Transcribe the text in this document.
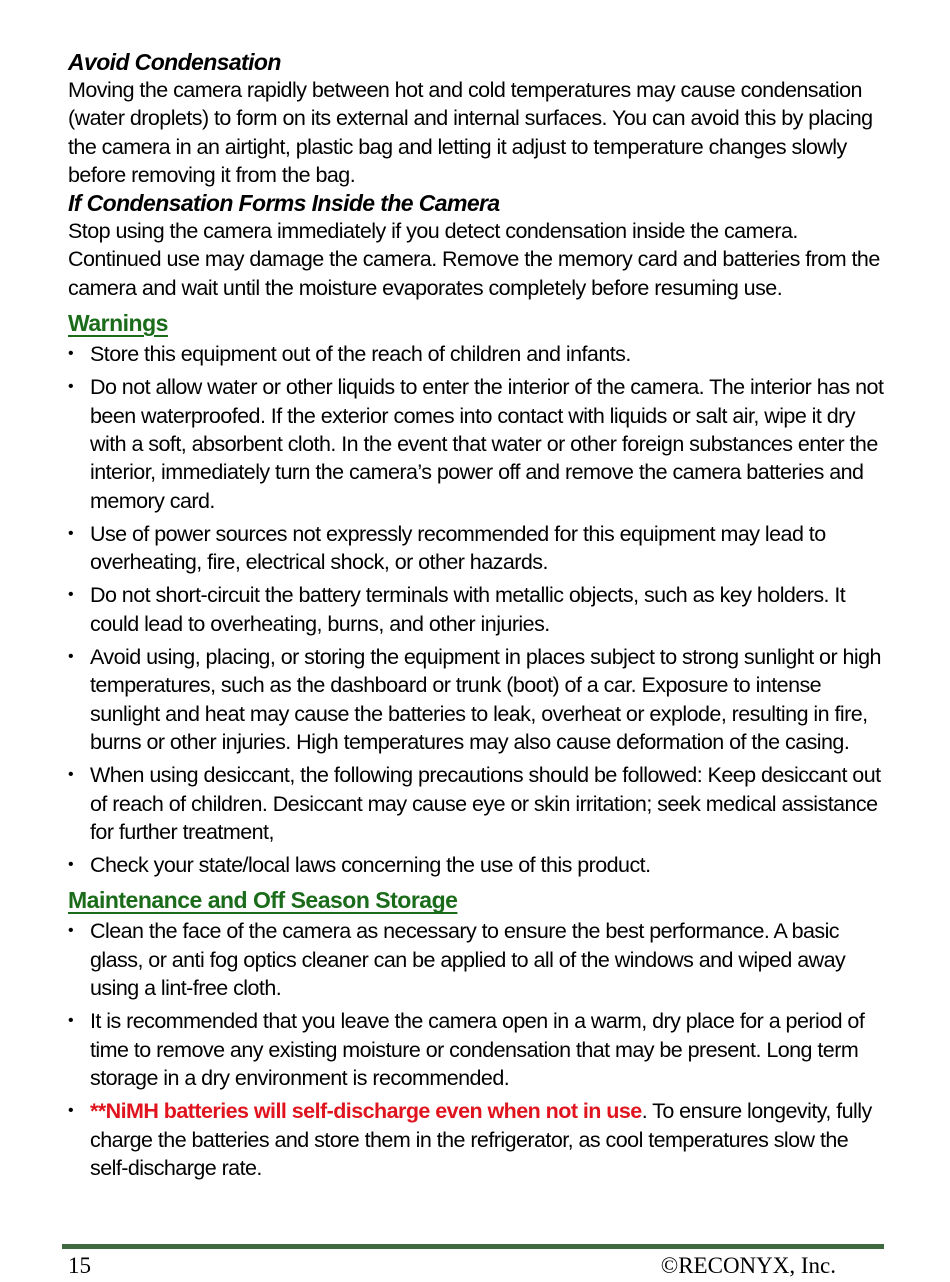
Avoid Condensation

Moving the camera rapidly between hot and cold temperatures may cause condensation (water droplets) to form on its external and internal surfaces. You can avoid this by placing the camera in an airtight, plastic bag and letting it adjust to temperature changes slowly before removing it from the bag.

If Condensation Forms Inside the Camera

Stop using the camera immediately if you detect condensation inside the camera. Continued use may damage the camera. Remove the memory card and batteries from the camera and wait until the moisture evaporates completely before resuming use.

Warnings
• Store this equipment out of the reach of children and infants.
• Do not allow water or other liquids to enter the interior of the camera. The interior has not been waterproofed. If the exterior comes into contact with liquids or salt air, wipe it dry with a soft, absorbent cloth. In the event that water or other foreign substances enter the interior, immediately turn the camera’s power off and remove the camera batteries and memory card.
• Use of power sources not expressly recommended for this equipment may lead to overheating, fire, electrical shock, or other hazards.
• Do not short-circuit the battery terminals with metallic objects, such as key holders. It could lead to overheating, burns, and other injuries.
• Avoid using, placing, or storing the equipment in places subject to strong sunlight or high temperatures, such as the dashboard or trunk (boot) of a car. Exposure to intense sunlight and heat may cause the batteries to leak, overheat or explode, resulting in fire, burns or other injuries. High temperatures may also cause deformation of the casing.
• When using desiccant, the following precautions should be followed: Keep desiccant out of reach of children. Desiccant may cause eye or skin irritation; seek medical assistance for further treatment,
• Check your state/local laws concerning the use of this product.
Maintenance and Off Season Storage
• Clean the face of the camera as necessary to ensure the best performance. A basic glass, or anti fog optics cleaner can be applied to all of the windows and wiped away using a lint-free cloth.
• It is recommended that you leave the camera open in a warm, dry place for a period of time to remove any existing moisture or condensation that may be present. Long term storage in a dry environment is recommended.
• **NiMH batteries will self-discharge even when not in use. To ensure longevity, fully charge the batteries and store them in the refrigerator, as cool temperatures slow the self-discharge rate.
15	©RECONYX, Inc.
